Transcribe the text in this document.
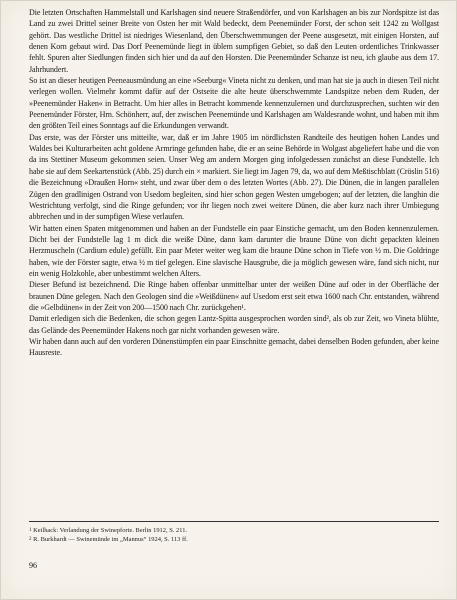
Die letzten Ortschaften Hammelstall und Karlshagen sind neuere Straßendörfer, und von Karlshagen an bis zur Nordspitze ist das Land zu zwei Drittel seiner Breite von Osten her mit Wald bedeckt, dem Peenemünder Forst, der schon seit 1242 zu Wollgast gehört. Das westliche Drittel ist niedriges Wiesenland, den Überschwemmungen der Peene ausgesetzt, mit einigen Horsten, auf denen Korn gebaut wird. Das Dorf Peenemünde liegt in üblem sumpfigen Gebiet, so daß den Leuten ordentliches Trinkwasser fehlt. Spuren alter Siedlungen finden sich hier und da auf den Horsten. Die Peenemünder Schanze ist neu, ich glaube aus dem 17. Jahrhundert.

So ist an dieser heutigen Peeneausmündung an eine »Seeburg« Vineta nicht zu denken, und man hat sie ja auch in diesen Teil nicht verlegen wollen. Vielmehr kommt dafür auf der Ostseite die alte heute überschwemmte Landspitze neben dem Ruden, der »Peenemünder Haken« in Betracht. Um hier alles in Betracht kommende kennenzulernen und durchzusprechen, suchten wir den Peenemünder Förster, Hrn. Schönherr, auf, der zwischen Peenemünde und Karlshagen am Waldesrande wohnt, und haben mit ihm den größten Teil eines Sonntags auf die Erkundungen verwandt.

Das erste, was der Förster uns mitteilte, war, daß er im Jahre 1905 im nördlichsten Randteile des heutigen hohen Landes und Waldes bei Kulturarbeiten acht goldene Armringe gefunden habe, die er an seine Behörde in Wolgast abgeliefert habe und die von da ins Stettiner Museum gekommen seien. Unser Weg am andern Morgen ging infolgedessen zunächst an diese Fundstelle. Ich habe sie auf dem Seekartenstück (Abb. 25) durch ein × markiert. Sie liegt im Jagen 79, da, wo auf dem Meßtischblatt (Cröslin 516) die Bezeichnung »Draußen Horn« steht, und zwar über dem o des letzten Wortes (Abb. 27). Die Dünen, die in langen parallelen Zügen den gradlinigen Ostrand von Usedom begleiten, sind hier schon gegen Westen umgebogen; auf der letzten, die langhin die Westrichtung verfolgt, sind die Ringe gefunden; vor ihr liegen noch zwei weitere Dünen, die aber kurz nach ihrer Umbiegung abbrechen und in der sumpfigen Wiese verlaufen.

Wir hatten einen Spaten mitgenommen und haben an der Fundstelle ein paar Einstiche gemacht, um den Boden kennenzulernen. Dicht bei der Fundstelle lag 1 m dick die weiße Düne, dann kam darunter die braune Düne von dicht gepackten kleinen Herzmuscheln (Cardium edule) gefüllt. Ein paar Meter weiter weg kam die braune Düne schon in Tiefe von ½ m. Die Goldringe haben, wie der Förster sagte, etwa ½ m tief gelegen. Eine slavische Hausgrube, die ja möglich gewesen wäre, fand sich nicht, nur ein wenig Holzkohle, aber unbestimmt welchen Alters.

Dieser Befund ist bezeichnend. Die Ringe haben offenbar unmittelbar unter der weißen Düne auf oder in der Oberfläche der braunen Düne gelegen. Nach den Geologen sind die »Weißdünen« auf Usedom erst seit etwa 1600 nach Chr. entstanden, während die »Gelbdünen« in der Zeit von 200—1500 nach Chr. zurückgehen¹.

Damit erledigen sich die Bedenken, die schon gegen Lantz-Spitta ausgesprochen worden sind², als ob zur Zeit, wo Vineta blühte, das Gelände des Peenemünder Hakens noch gar nicht vorhanden gewesen wäre.

Wir haben dann auch auf den vorderen Dünenstümpfen ein paar Einschnitte gemacht, dabei denselben Boden gefunden, aber keine Hausreste.

$^1$ Keilhack: Verlandung der Swinepforte. Berlin 1912, S. 211.

$^2$ R. Burkhardt — Swinemünde im „Mannus“ 1924, S. 113 ff.

96
